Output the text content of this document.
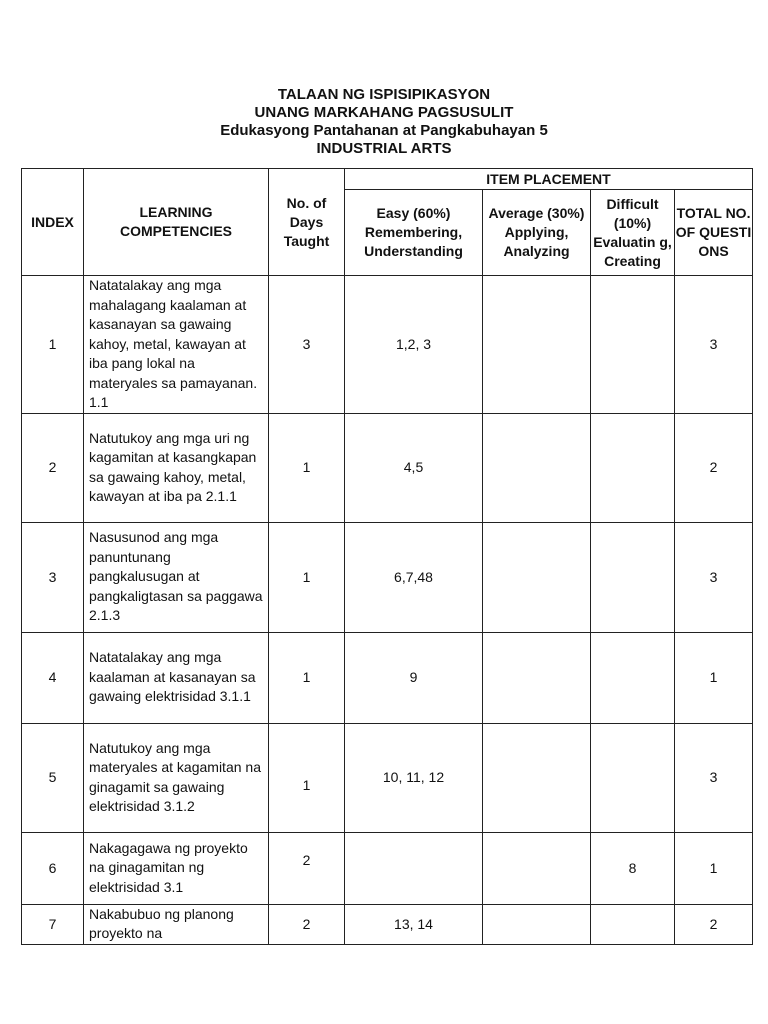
TALAAN NG ISPISIPIKASYON
UNANG MARKAHANG PAGSUSULIT
Edukasyong Pantahanan at Pangkabuhayan 5
INDUSTRIAL ARTS
INDEX	LEARNING COMPETENCIES	No. of Days Taught	ITEM PLACEMENT			
			Easy (60%) Remembering, Understanding	Average (30%) Applying, Analyzing	Difficult (10%) Evaluatin g, Creating	TOTAL NO. OF QUESTI ONS
1	Natatalakay ang mga mahalagang kaalaman at kasanayan sa gawaing kahoy, metal, kawayan at iba pang lokal na materyales sa pamayanan. 1.1	3	1,2, 3			3
2	Natutukoy ang mga uri ng kagamitan at kasangkapan sa gawaing kahoy, metal, kawayan at iba pa 2.1.1	1	4,5			2
3	Nasusunod ang mga panuntunang pangkalusugan at pangkaligtasan sa paggawa 2.1.3	1	6,7,48			3
4	Natatalakay ang mga kaalaman at kasanayan sa gawaing elektrisidad 3.1.1	1	9			1
5	Natutukoy ang mga materyales at kagamitan na ginagamit sa gawaing elektrisidad 3.1.2	1	10, 11, 12			3
6	Nakagagawa ng proyekto na ginagamitan ng elektrisidad 3.1	2			8	1
7	Nakabubuo ng planong proyekto na	2	13, 14			2
